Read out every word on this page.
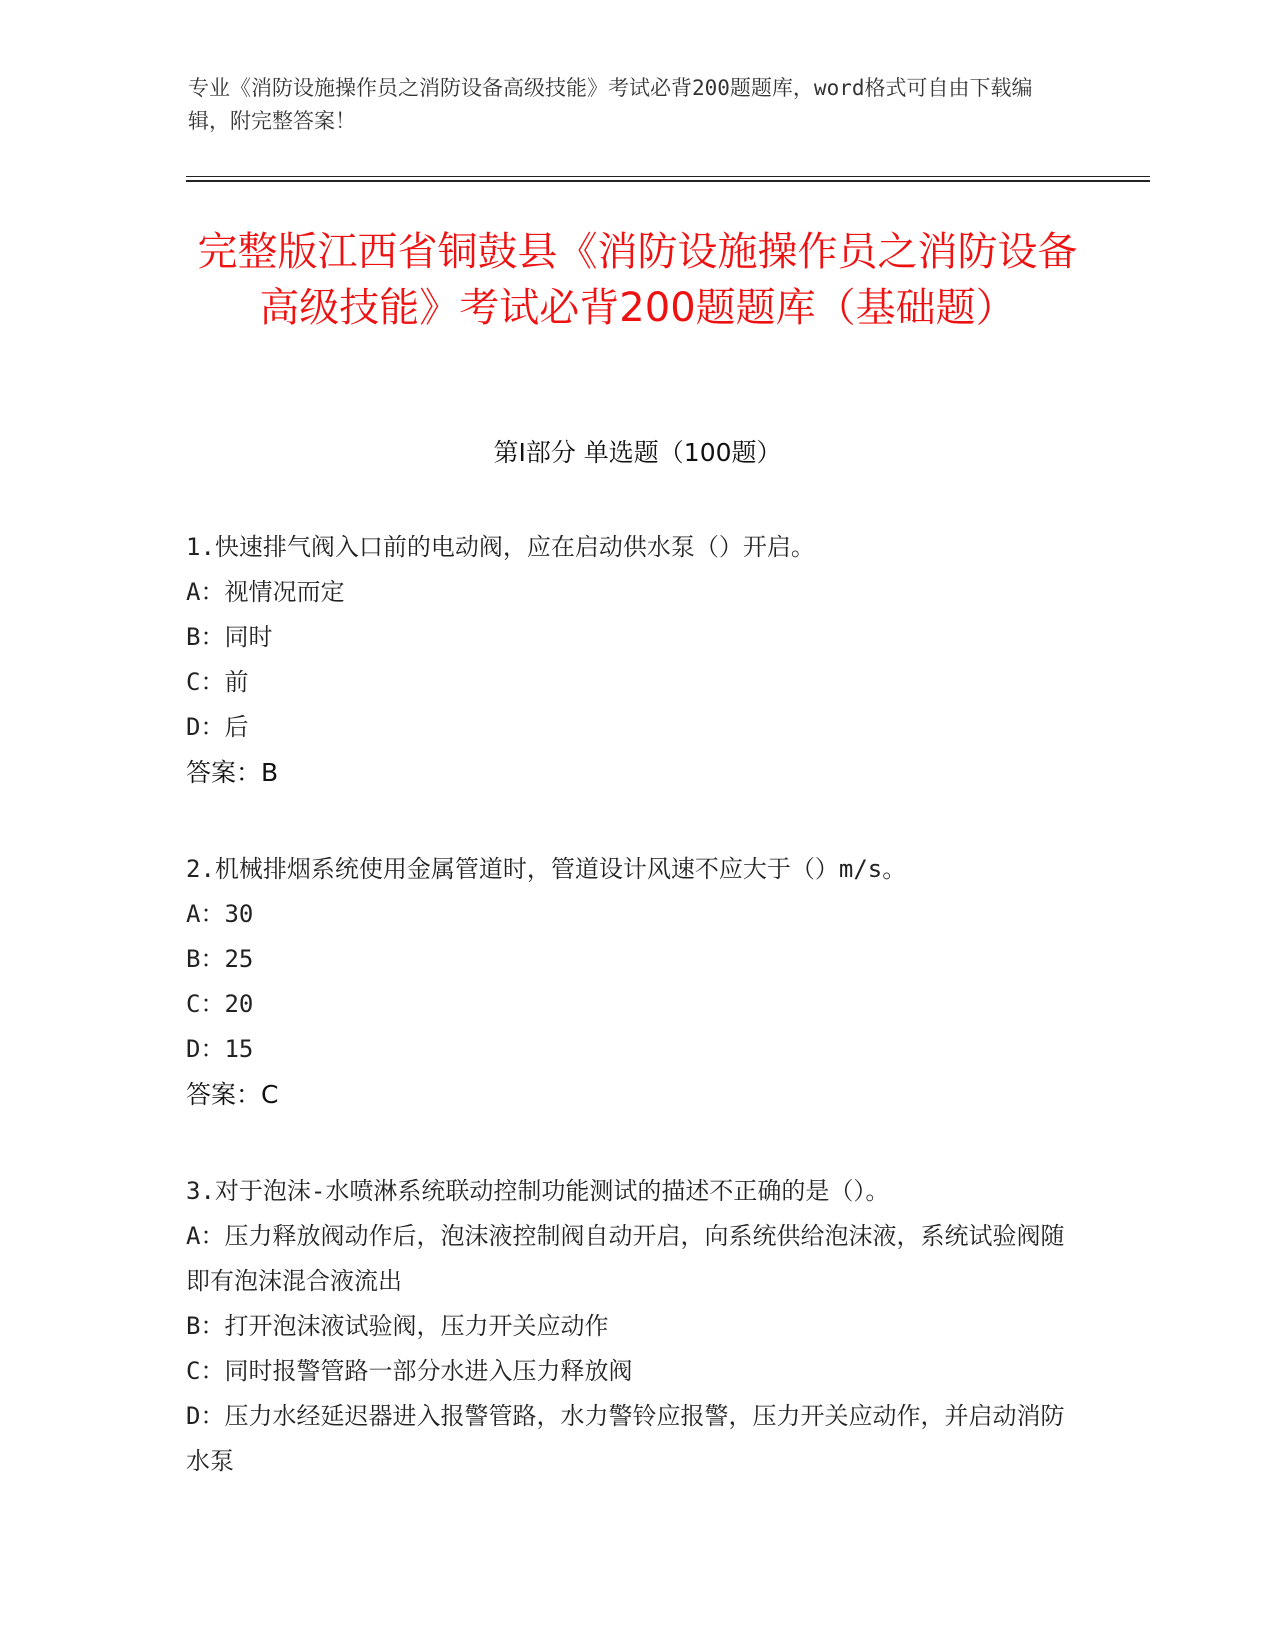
专业《消防设施操作员之消防设备高级技能》考试必背200题题库，word格式可自由下载编辑，附完整答案！
完整版江西省铜鼓县《消防设施操作员之消防设备高级技能》考试必背200题题库（基础题）
第I部分 单选题（100题）
1.快速排气阀入口前的电动阀，应在启动供水泵（）开启。
A：视情况而定
B：同时
C：前
D：后
答案：B
2.机械排烟系统使用金属管道时，管道设计风速不应大于（）m/s。
A：30
B：25
C：20
D：15
答案：C
3.对于泡沫-水喷淋系统联动控制功能测试的描述不正确的是（）。
A：压力释放阀动作后，泡沫液控制阀自动开启，向系统供给泡沫液，系统试验阀随即有泡沫混合液流出
B：打开泡沫液试验阀，压力开关应动作
C：同时报警管路一部分水进入压力释放阀
D：压力水经延迟器进入报警管路，水力警铃应报警，压力开关应动作，并启动消防水泵
